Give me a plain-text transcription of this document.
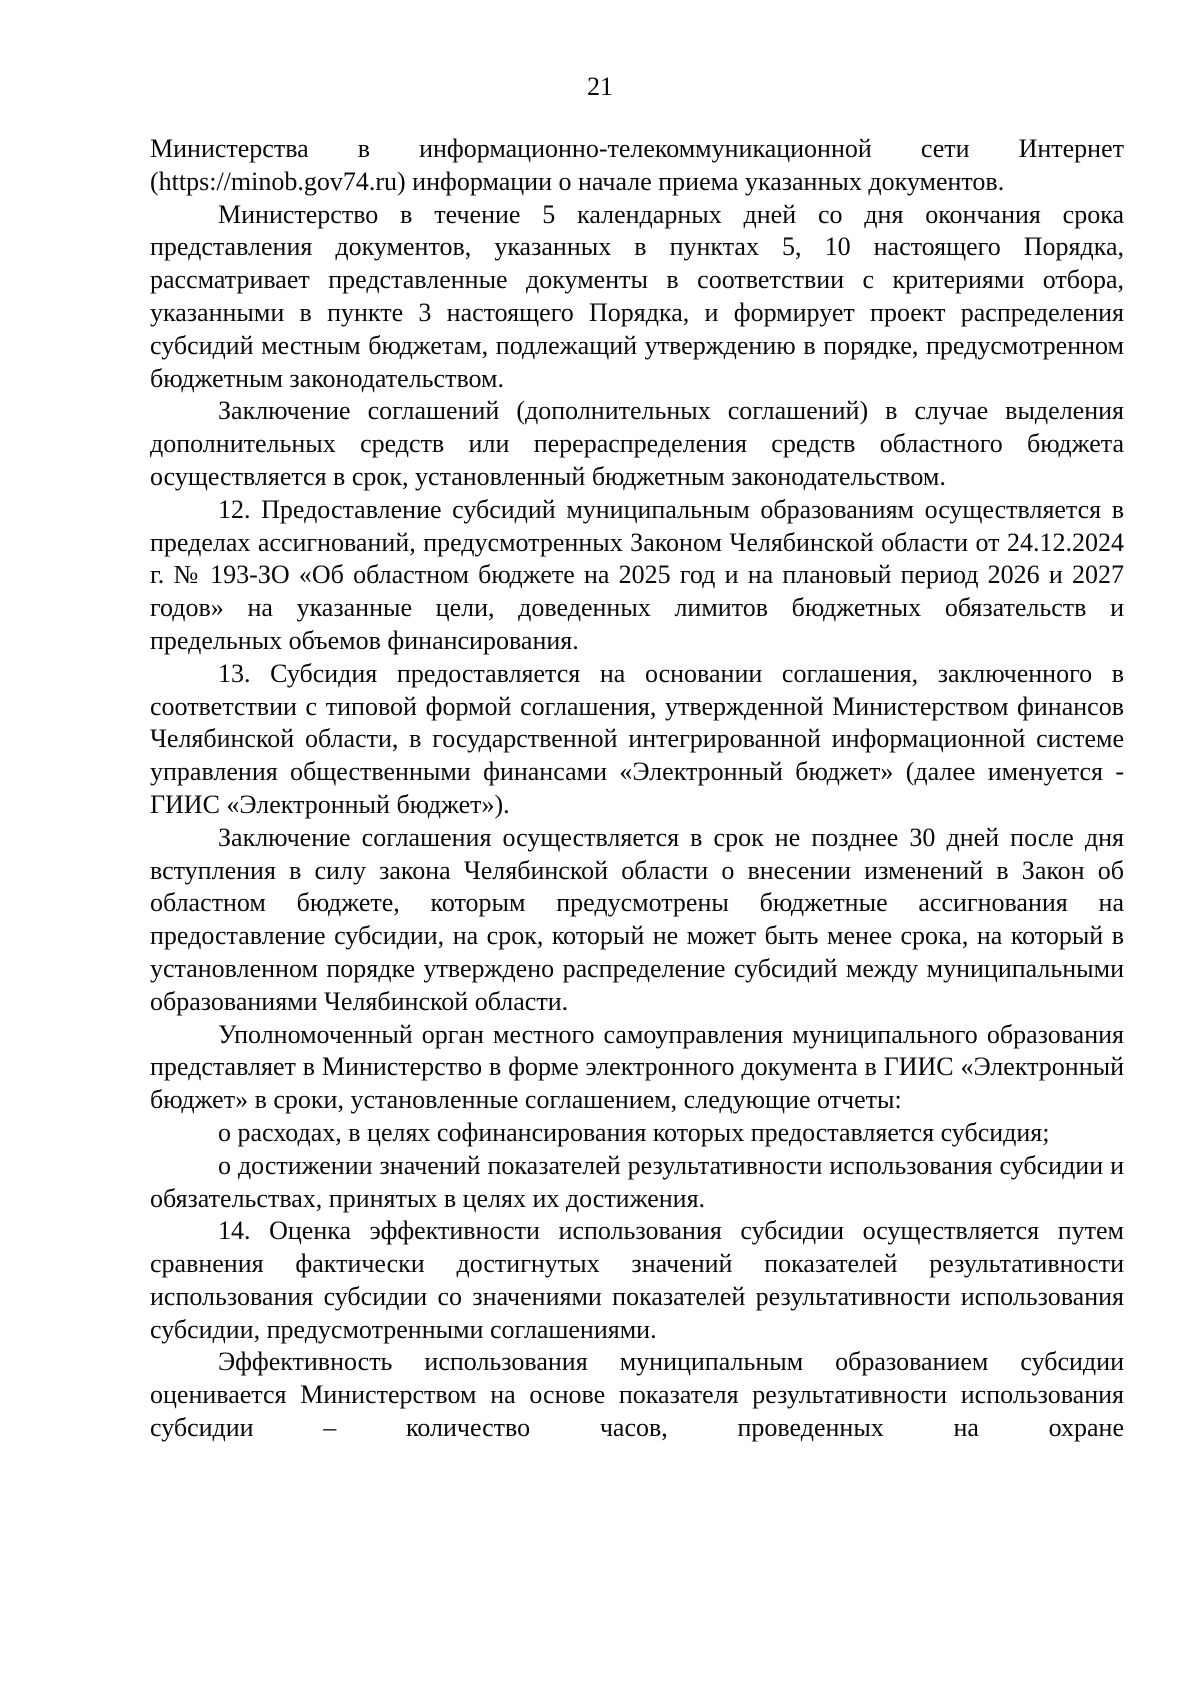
21

Министерства в информационно-телекоммуникационной сети Интернет (https://minob.gov74.ru) информации о начале приема указанных документов.

Министерство в течение 5 календарных дней со дня окончания срока представления документов, указанных в пунктах 5, 10 настоящего Порядка, рассматривает представленные документы в соответствии с критериями отбора, указанными в пункте 3 настоящего Порядка, и формирует проект распределения субсидий местным бюджетам, подлежащий утверждению в порядке, предусмотренном бюджетным законодательством.

Заключение соглашений (дополнительных соглашений) в случае выделения дополнительных средств или перераспределения средств областного бюджета осуществляется в срок, установленный бюджетным законодательством.

12. Предоставление субсидий муниципальным образованиям осуществляется в пределах ассигнований, предусмотренных Законом Челябинской области от 24.12.2024 г. № 193-ЗО «Об областном бюджете на 2025 год и на плановый период 2026 и 2027 годов» на указанные цели, доведенных лимитов бюджетных обязательств и предельных объемов финансирования.

13. Субсидия предоставляется на основании соглашения, заключенного в соответствии с типовой формой соглашения, утвержденной Министерством финансов Челябинской области, в государственной интегрированной информационной системе управления общественными финансами «Электронный бюджет» (далее именуется - ГИИС «Электронный бюджет»).

Заключение соглашения осуществляется в срок не позднее 30 дней после дня вступления в силу закона Челябинской области о внесении изменений в Закон об областном бюджете, которым предусмотрены бюджетные ассигнования на предоставление субсидии, на срок, который не может быть менее срока, на который в установленном порядке утверждено распределение субсидий между муниципальными образованиями Челябинской области.

Уполномоченный орган местного самоуправления муниципального образования представляет в Министерство в форме электронного документа в ГИИС «Электронный бюджет» в сроки, установленные соглашением, следующие отчеты:

о расходах, в целях софинансирования которых предоставляется субсидия;

о достижении значений показателей результативности использования субсидии и обязательствах, принятых в целях их достижения.

14. Оценка эффективности использования субсидии осуществляется путем сравнения фактически достигнутых значений показателей результативности использования субсидии со значениями показателей результативности использования субсидии, предусмотренными соглашениями.

Эффективность использования муниципальным образованием субсидии оценивается Министерством на основе показателя результативности использования субсидии – количество часов, проведенных на охране
